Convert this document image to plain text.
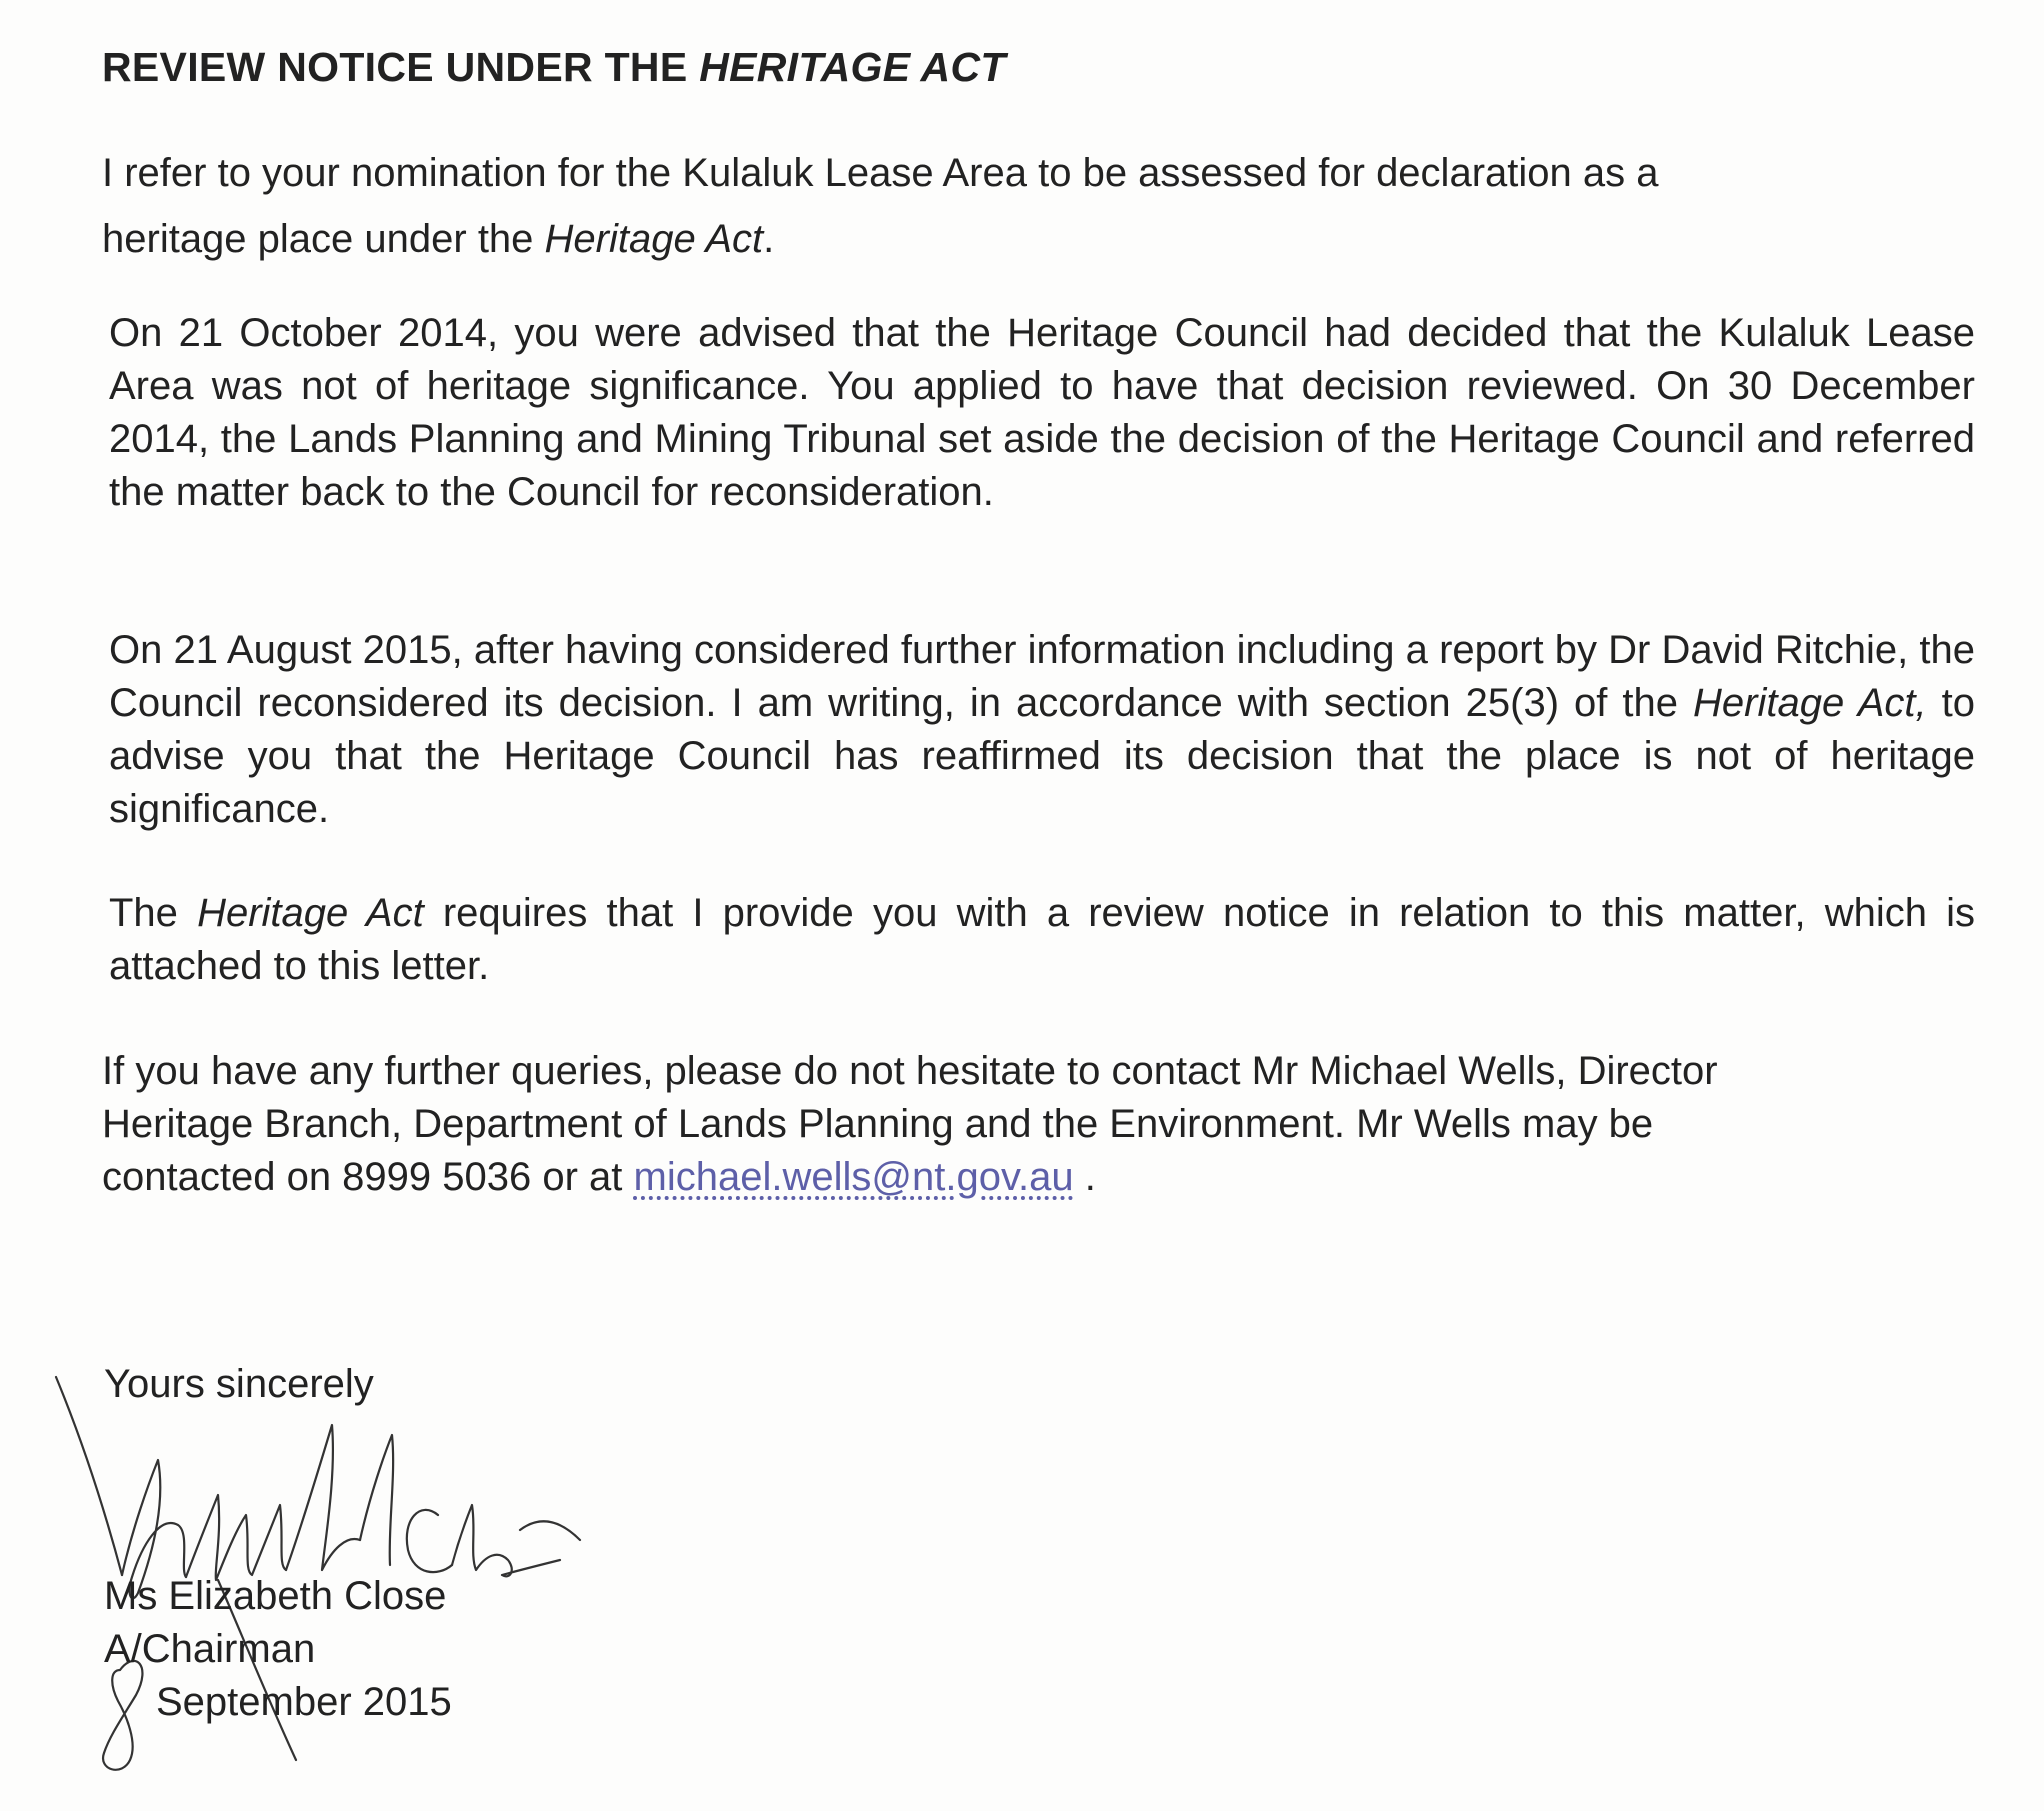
REVIEW NOTICE UNDER THE HERITAGE ACT
I refer to your nomination for the Kulaluk Lease Area to be assessed for declaration as a
heritage place under the Heritage Act.
On 21 October 2014, you were advised that the Heritage Council had decided that the Kulaluk Lease Area was not of heritage significance. You applied to have that decision reviewed. On 30 December 2014, the Lands Planning and Mining Tribunal set aside the decision of the Heritage Council and referred the matter back to the Council for reconsideration.
On 21 August 2015, after having considered further information including a report by Dr David Ritchie, the Council reconsidered its decision. I am writing, in accordance with section 25(3) of the Heritage Act, to advise you that the Heritage Council has reaffirmed its decision that the place is not of heritage significance.
The Heritage Act requires that I provide you with a review notice in relation to this matter, which is attached to this letter.
If you have any further queries, please do not hesitate to contact Mr Michael Wells, Director
Heritage Branch, Department of Lands Planning and the Environment. Mr Wells may be
contacted on 8999 5036 or at michael.wells@nt.gov.au .
Yours sincerely
Ms Elizabeth Close
A/Chairman
September 2015
